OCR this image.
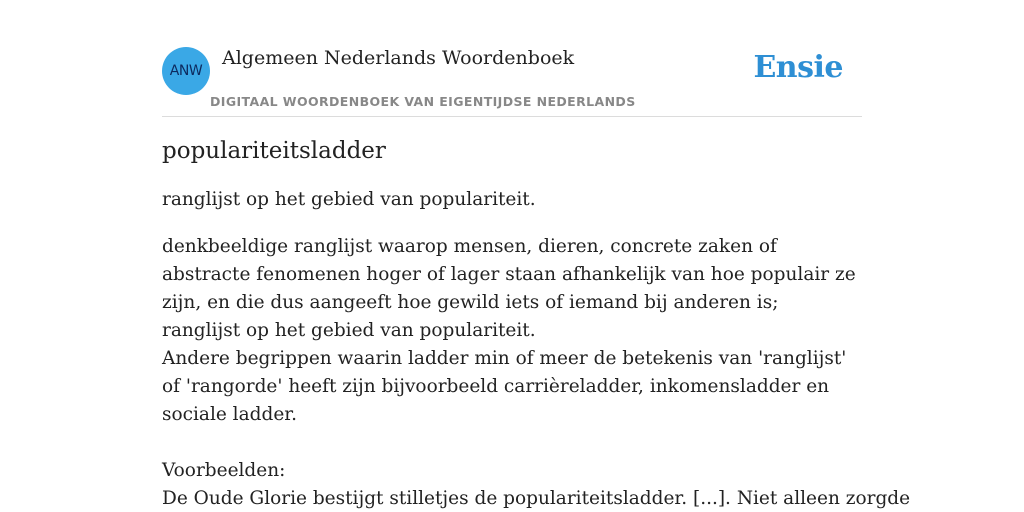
ANW
Algemeen Nederlands Woordenboek
DIGITAAL WOORDENBOEK VAN EIGENTIJDSE NEDERLANDS
Ensie
populariteitsladder

ranglijst op het gebied van populariteit.

denkbeeldige ranglijst waarop mensen, dieren, concrete zaken of abstracte fenomenen hoger of lager staan afhankelijk van hoe populair ze zijn, en die dus aangeeft hoe gewild iets of iemand bij anderen is; ranglijst op het gebied van populariteit.
Andere begrippen waarin ladder min of meer de betekenis van 'ranglijst' of 'rangorde' heeft zijn bijvoorbeeld carrièreladder, inkomensladder en sociale ladder.

Voorbeelden:

De Oude Glorie bestijgt stilletjes de populariteitsladder. [...]. Niet alleen zorgde
